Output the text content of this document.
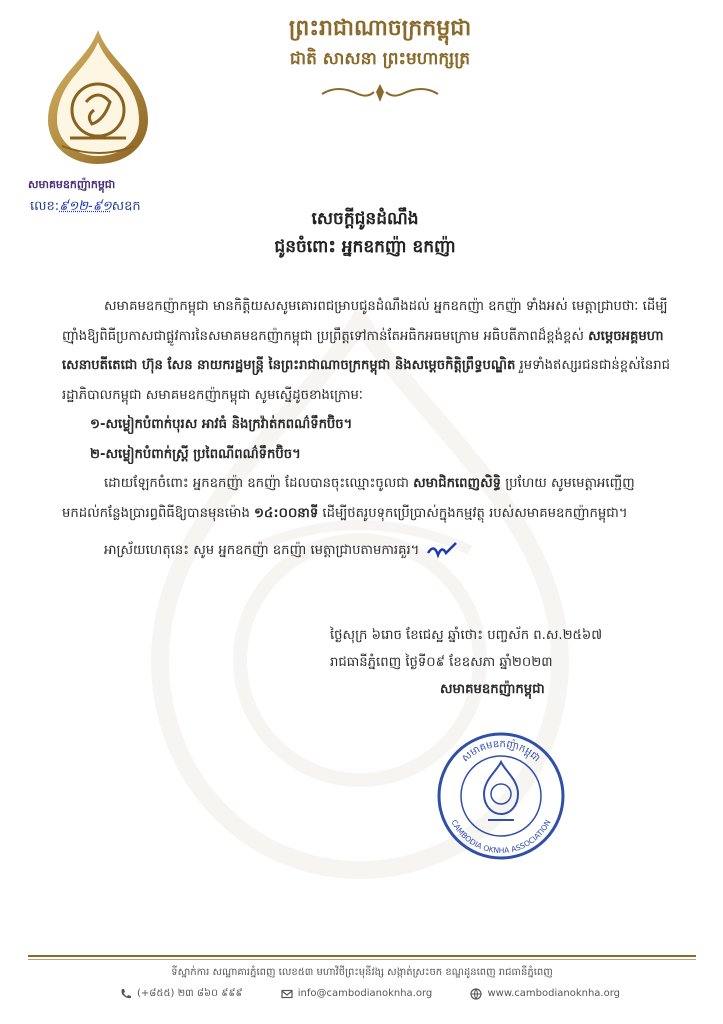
សមាគមឧកញ៉ាកម្ពុជា
លេខ:៩១២-៩១សឧក
ព្រះរាជាណាចក្រកម្ពុជា
ជាតិ សាសនា ព្រះមហាក្សត្រ
សេចក្ដីជូនដំណឹង
ជូនចំពោះ អ្នកឧកញ៉ា ឧកញ៉ា

សមាគមឧកញ៉ាកម្ពុជា មានកិត្តិយសសូមគោរពជម្រាបជូនដំណឹងដល់ អ្នកឧកញ៉ា ឧកញ៉ា ទាំងអស់ មេត្តាជ្រាបថាៈ ដើម្បីញ៉ាំងឱ្យពិធីប្រកាសជាផ្លូវការនៃសមាគមឧកញ៉ាកម្ពុជា ប្រព្រឹត្តទៅកាន់តែអធិកអធមក្រោម អធិបតីភាពដ៏ខ្ពង់ខ្ពស់ សម្ដេចអគ្គមហាសេនាបតីតេជោ ហ៊ុន សែន នាយករដ្ឋមន្ត្រី នៃព្រះរាជាណាចក្រកម្ពុជា និងសម្ដេចកិត្តិព្រឹទ្ធបណ្ឌិត រួមទាំងឥស្សរជនជាន់ខ្ពស់នៃរាជរដ្ឋាភិបាលកម្ពុជា សមាគមឧកញ៉ាកម្ពុជា សូមស្នើដូចខាងក្រោមៈ

១-សម្លៀកបំពាក់បុរស អាវធំ និងក្រវ៉ាត់កពណ៌ទឹកប៊ិច។

២-សម្លៀកបំពាក់ស្ត្រី ប្រពៃណីពណ៌ទឹកប៊ិច។

ដោយឡែកចំពោះ អ្នកឧកញ៉ា ឧកញ៉ា ដែលបានចុះឈ្មោះចូលជា សមាជិកពេញសិទ្ធិ ប្រហែយ សូមមេត្តាអញ្ជើញមកដល់កន្លែងប្រារព្ធពិធីឱ្យបានមុនម៉ោង ១៤:០០នាទី ដើម្បីថតរូបទុកប្រើប្រាស់ក្នុងកម្មវត្ថុ របស់សមាគមឧកញ៉ាកម្ពុជា។

អាស្រ័យហេតុនេះ សូម អ្នកឧកញ៉ា ឧកញ៉ា មេត្តាជ្រាបតាមការគួរ។

ថ្ងៃសុក្រ ៦រោច ខែជេស្ឋ ឆ្នាំថោះ បញ្ចស័ក ព.ស.២៥៦៧

រាជធានីភ្នំពេញ ថ្ងៃទី០៩ ខែឧសភា ឆ្នាំ២០២៣

សមាគមឧកញ៉ាកម្ពុជា

សមាគមឧកញ៉ាកម្ពុជា
CAMBODIA OKNHA ASSOCIATION
ទីស្នាក់ការ សណ្ឋាគារភ្នំពេញ លេខ៥៣ មហាវិថីព្រះមុនីវង្ស សង្កាត់ស្រះចក ខណ្ឌដូនពេញ រាជធានីភ្នំពេញ
(+៨៥៥) ២៣ ៨៦០ ៩៩៩	info@cambodianoknha.org	www.cambodianoknha.org
